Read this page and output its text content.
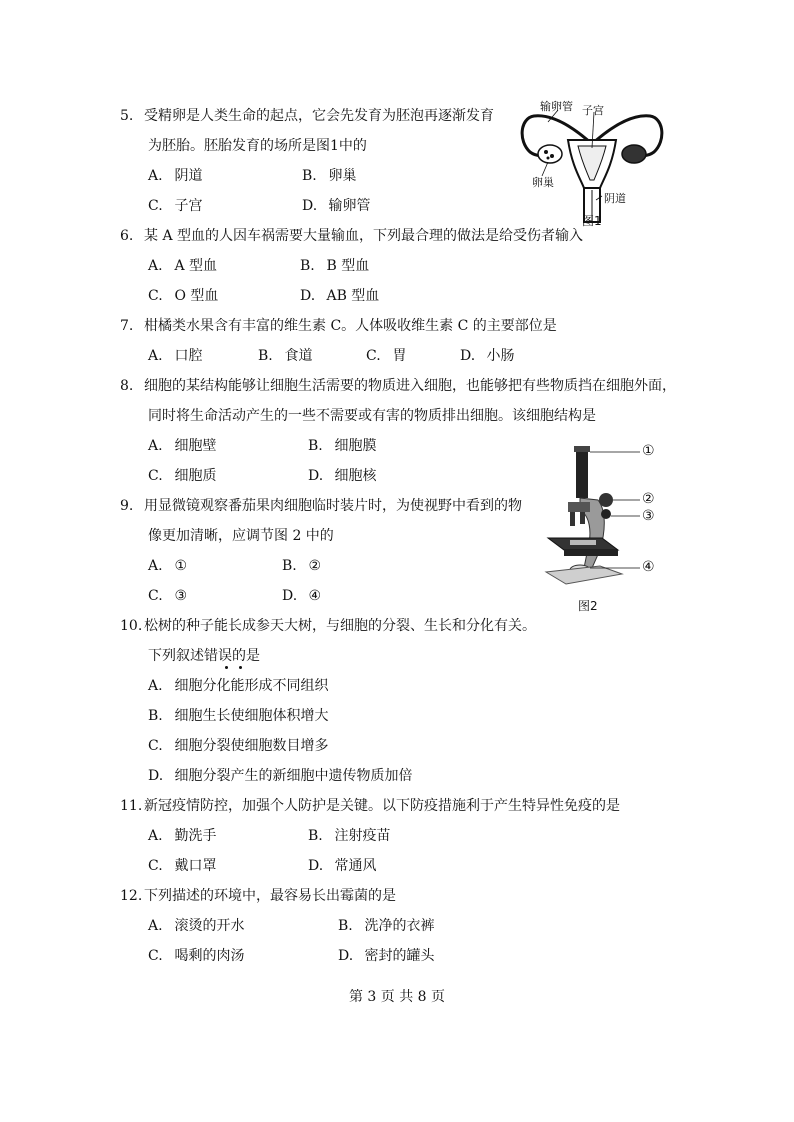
5. 受精卵是人类生命的起点，它会先发育为胚泡再逐渐发育
为胚胎。胚胎发育的场所是图1中的
A. 阴道	B. 卵巢
C. 子宫	D. 输卵管
输卵管 子宫
卵巢
阴道
图1
6. 某 A 型血的人因车祸需要大量输血，下列最合理的做法是给受伤者输入
A. A 型血	B. B 型血
C. O 型血	D. AB 型血
7. 柑橘类水果含有丰富的维生素 C。人体吸收维生素 C 的主要部位是
A. 口腔	B. 食道	C. 胃	D. 小肠
8. 细胞的某结构能够让细胞生活需要的物质进入细胞，也能够把有些物质挡在细胞外面，
同时将生命活动产生的一些不需要或有害的物质排出细胞。该细胞结构是
A. 细胞壁	B. 细胞膜
C. 细胞质	D. 细胞核
①
②
③
④
图2
9. 用显微镜观察番茄果肉细胞临时装片时，为使视野中看到的物
像更加清晰，应调节图 2 中的
A. ①	B. ②
C. ③	D. ④
10. 松树的种子能长成参天大树，与细胞的分裂、生长和分化有关。
下列叙述错误的是
A. 细胞分化能形成不同组织
B. 细胞生长使细胞体积增大
C. 细胞分裂使细胞数目增多
D. 细胞分裂产生的新细胞中遗传物质加倍
11. 新冠疫情防控，加强个人防护是关键。以下防疫措施利于产生特异性免疫的是
A. 勤洗手	B. 注射疫苗
C. 戴口罩	D. 常通风
12. 下列描述的环境中，最容易长出霉菌的是
A. 滚烫的开水	B. 洗净的衣裤
C. 喝剩的肉汤	D. 密封的罐头
第 3 页 共 8 页
